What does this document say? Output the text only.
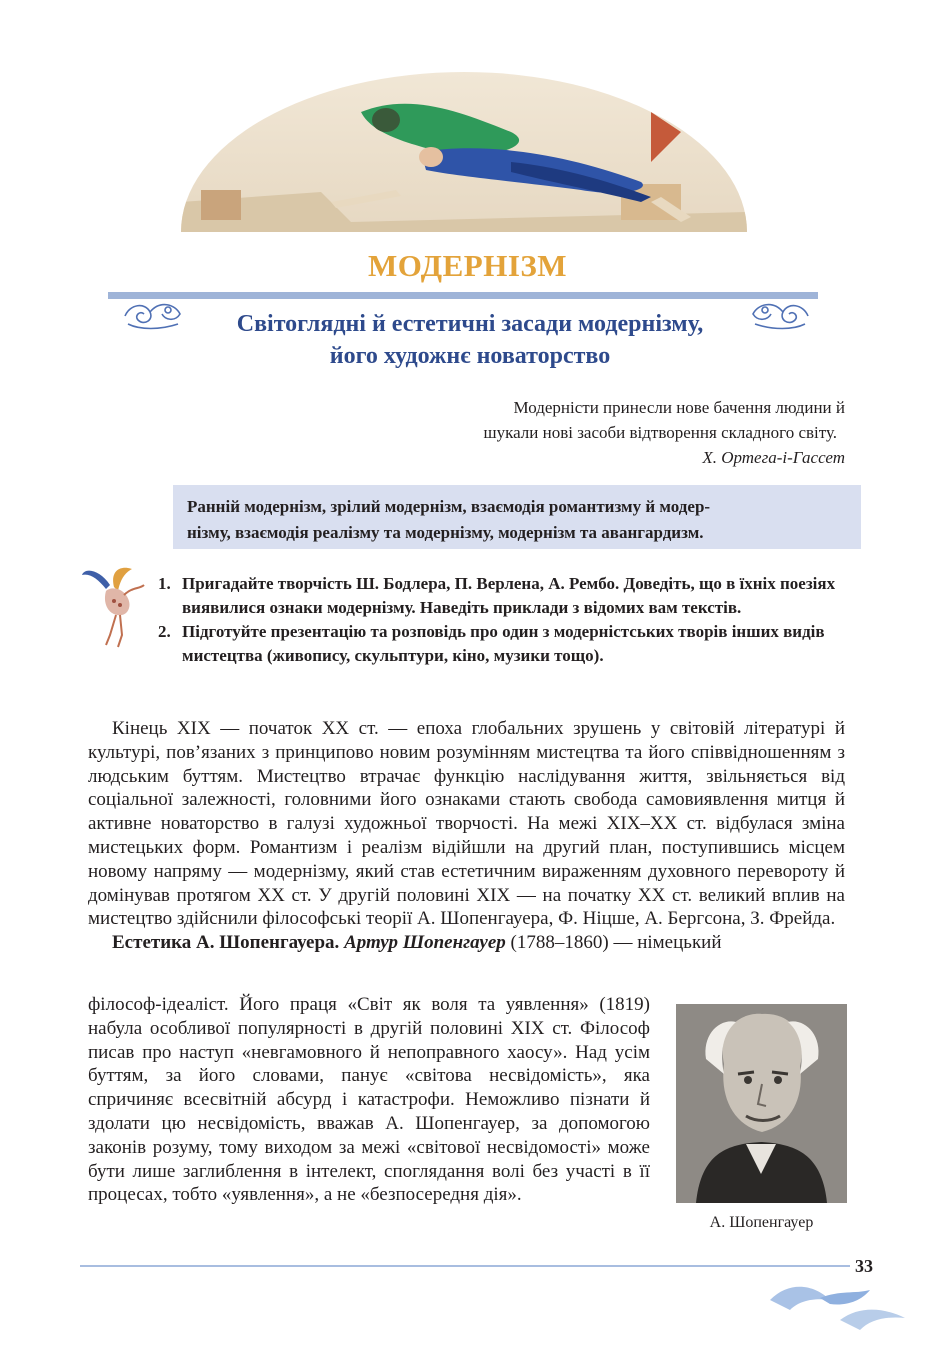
МОДЕРНІЗМ
Світоглядні й естетичні засади модернізму,
його художнє новаторство
Модерністи принесли нове бачення людини й
шукали нові засоби відтворення складного світу.
Х. Ортега-і-Гассет

Ранній модернізм, зрілий модернізм, взаємодія романтизму й модер-
нізму, взаємодія реалізму та модернізму, модернізм та авангардизм.

1. Пригадайте творчість Ш. Бодлера, П. Верлена, А. Рембо. Доведіть, що в їхніх поезіях виявилися ознаки модернізму. Наведіть приклади з відомих вам текстів.
2. Підготуйте презентацію та розповідь про один з модерністських творів інших видів мистецтва (живопису, скульптури, кіно, музики тощо).

Кінець XIX — початок XX ст. — епоха глобальних зрушень у світовій літературі й культурі, пов’язаних з принципово новим розумінням мистецтва та його співвідношенням з людським буттям. Мистецтво втрачає функцію наслідування життя, звільняється від соціальної залежності, головними його ознаками стають свобода самовиявлення митця й активне новаторство в галузі художньої творчості. На межі XIX–XX ст. відбулася зміна мистецьких форм. Романтизм і реалізм відійшли на другий план, поступившись місцем новому напряму — модернізму, який став естетичним вираженням духовного перевороту й домінував протягом XX ст. У другій половині XIX — на початку XX ст. великий вплив на мистецтво здійснили філософські теорії А. Шопенгауера, Ф. Ніцше, А. Бергсона, З. Фрейда.

Естетика А. Шопенгауера. Артур Шопенгауер (1788–1860) — німецький

філософ-ідеаліст. Його праця «Світ як воля та уявлення» (1819) набула особливої популярності в другій половині XIX ст. Філософ писав про наступ «невгамовного й непоправного хаосу». Над усім буттям, за його словами, панує «світова несвідомість», яка спричиняє всесвітній абсурд і катастрофи. Неможливо пізнати й здолати цю несвідомість, вважав А. Шопенгауер, за допомогою законів розуму, тому виходом за межі «світової несвідомості» може бути лише заглиблення в інтелект, споглядання волі без участі в її процесах, тобто «уявлення», а не «безпосередня дія».

А. Шопенгауер
33
